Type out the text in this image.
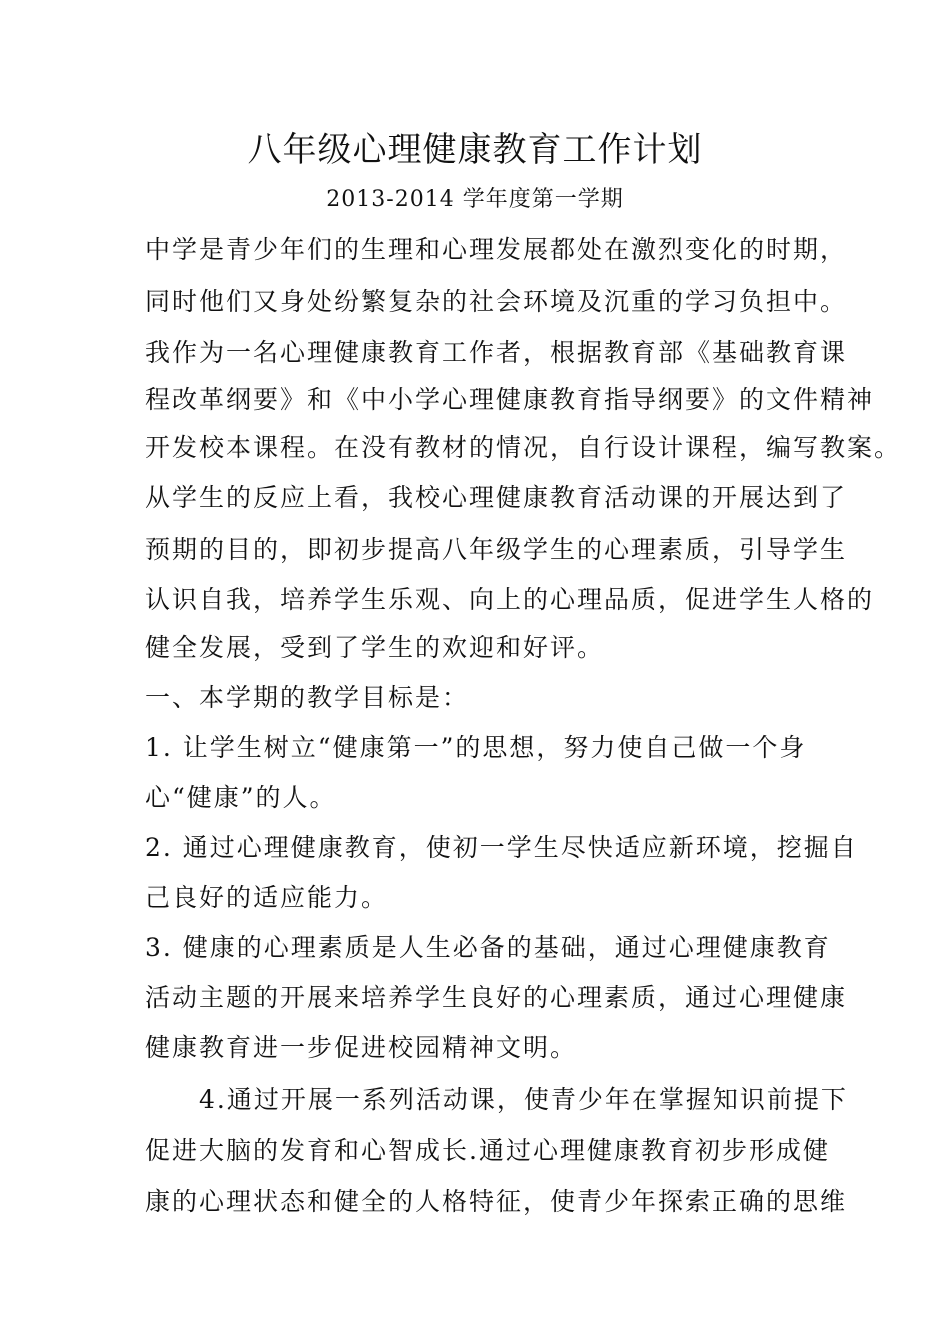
八年级心理健康教育工作计划
2013-2014 学年度第一学期
中学是青少年们的生理和心理发展都处在激烈变化的时期，
同时他们又身处纷繁复杂的社会环境及沉重的学习负担中。
我作为一名心理健康教育工作者，根据教育部《基础教育课
程改革纲要》和《中小学心理健康教育指导纲要》的文件精神
开发校本课程。在没有教材的情况，自行设计课程，编写教案。
从学生的反应上看，我校心理健康教育活动课的开展达到了
预期的目的，即初步提高八年级学生的心理素质，引导学生
认识自我，培养学生乐观、向上的心理品质，促进学生人格的
健全发展，受到了学生的欢迎和好评。
一、本学期的教学目标是：
1. 让学生树立“健康第一”的思想，努力使自己做一个身
心“健康”的人。
2. 通过心理健康教育，使初一学生尽快适应新环境，挖掘自
己良好的适应能力。
3. 健康的心理素质是人生必备的基础，通过心理健康教育
活动主题的开展来培养学生良好的心理素质，通过心理健康
健康教育进一步促进校园精神文明。
4.通过开展一系列活动课，使青少年在掌握知识前提下
促进大脑的发育和心智成长.通过心理健康教育初步形成健
康的心理状态和健全的人格特征，使青少年探索正确的思维
